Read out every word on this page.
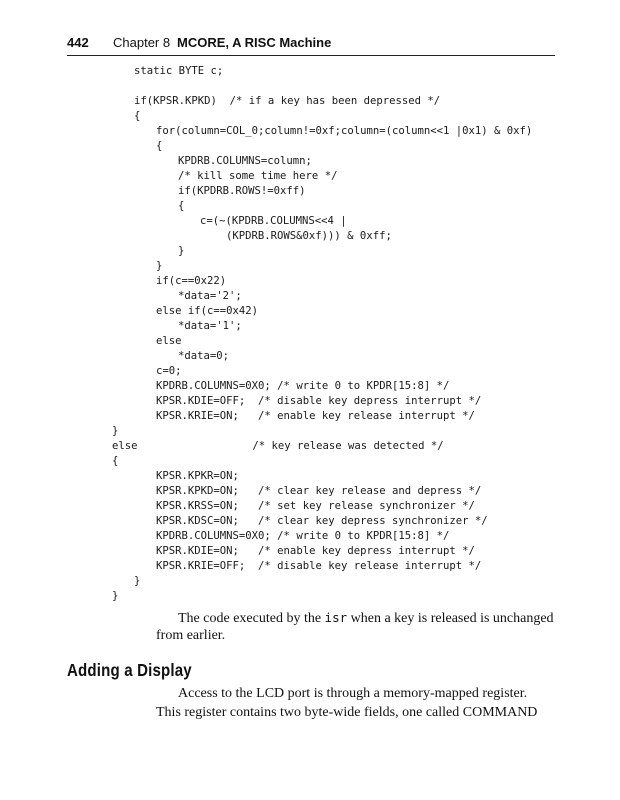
442 Chapter 8 MCORE, A RISC Machine
static BYTE c;
if(KPSR.KPKD)  /* if a key has been depressed */
{
for(column=COL_0;column!=0xf;column=(column<<1 |0x1) & 0xf)
{
KPDRB.COLUMNS=column;
/* kill some time here */
if(KPDRB.ROWS!=0xff)
{
c=(~(KPDRB.COLUMNS<<4 |
(KPDRB.ROWS&0xf))) & 0xff;
}
}
if(c==0x22)
*data='2';
else if(c==0x42)
*data='1';
else
*data=0;
c=0;
KPDRB.COLUMNS=0X0; /* write 0 to KPDR[15:8] */
KPSR.KDIE=OFF;  /* disable key depress interrupt */
KPSR.KRIE=ON;   /* enable key release interrupt */
}
else                  /* key release was detected */
{
KPSR.KPKR=ON;
KPSR.KPKD=ON;   /* clear key release and depress */
KPSR.KRSS=ON;   /* set key release synchronizer */
KPSR.KDSC=ON;   /* clear key depress synchronizer */
KPDRB.COLUMNS=0X0; /* write 0 to KPDR[15:8] */
KPSR.KDIE=ON;   /* enable key depress interrupt */
KPSR.KRIE=OFF;  /* disable key release interrupt */
}
}
The code executed by the isr when a key is released is unchanged
from earlier.
Adding a Display
Access to the LCD port is through a memory-mapped register.
This register contains two byte-wide fields, one called COMMAND
